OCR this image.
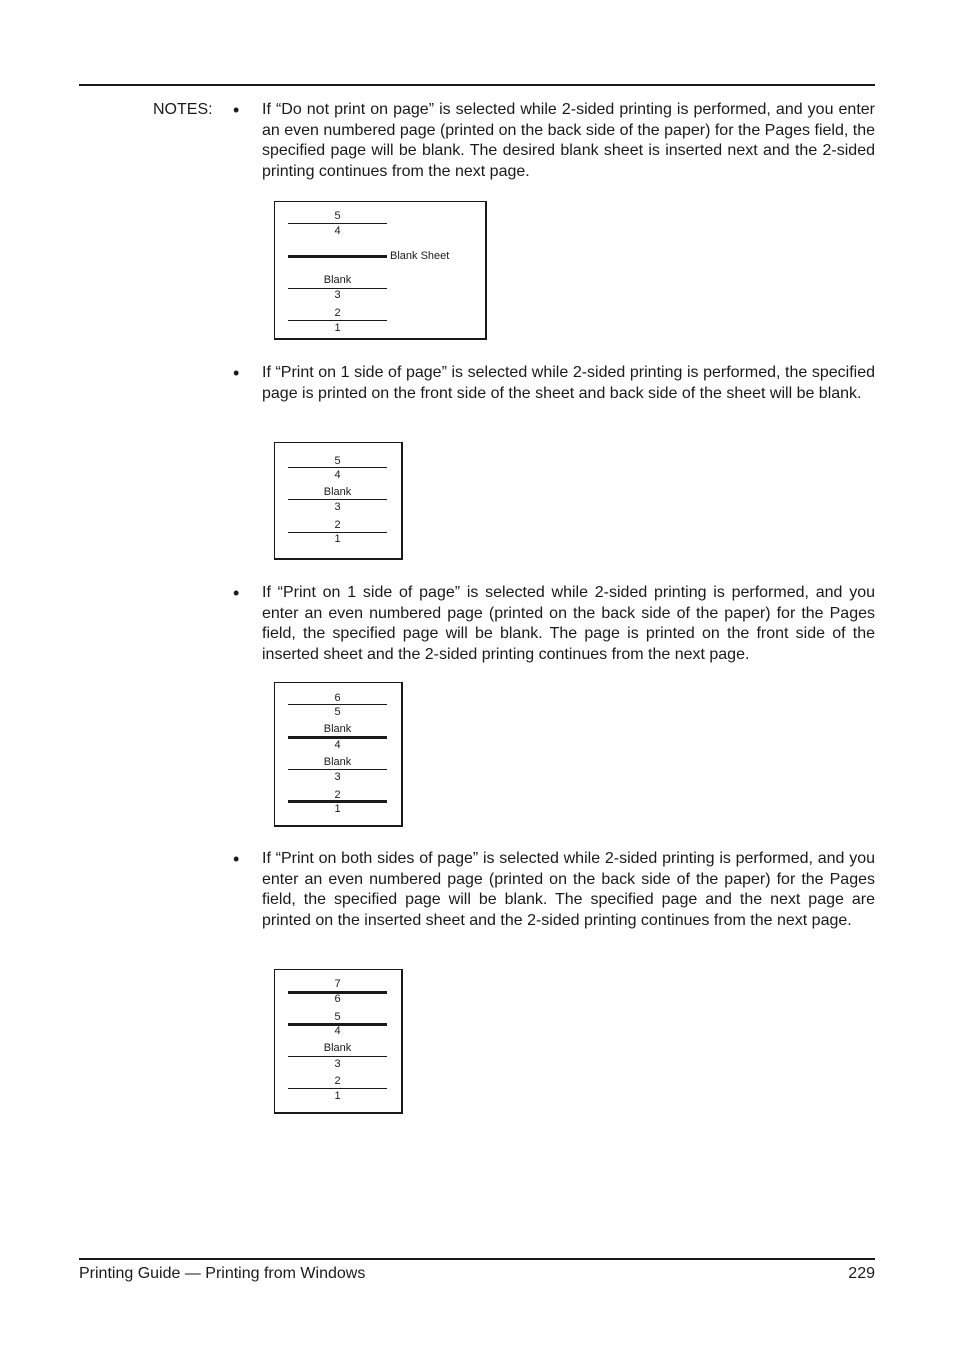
NOTES: • If “Do not print on page” is selected while 2-sided printing is performed, and you enter an even numbered page (printed on the back side of the paper) for the Pages field, the specified page will be blank. The desired blank sheet is inserted next and the 2-sided printing continues from the next page.

5
4
Blank Sheet
Blank
3
2
1
• If “Print on 1 side of page” is selected while 2-sided printing is performed, the specified page is printed on the front side of the sheet and back side of the sheet will be blank.

5
4
Blank
3
2
1
• If “Print on 1 side of page” is selected while 2-sided printing is performed, and you enter an even numbered page (printed on the back side of the paper) for the Pages field, the specified page will be blank. The page is printed on the front side of the inserted sheet and the 2-sided printing continues from the next page.

6
5
Blank
4
Blank
3
2
1
• If “Print on both sides of page” is selected while 2-sided printing is performed, and you enter an even numbered page (printed on the back side of the paper) for the Pages field, the specified page will be blank. The specified page and the next page are printed on the inserted sheet and the 2-sided printing continues from the next page.

7
6
5
4
Blank
3
2
1
Printing Guide — Printing from Windows	229
